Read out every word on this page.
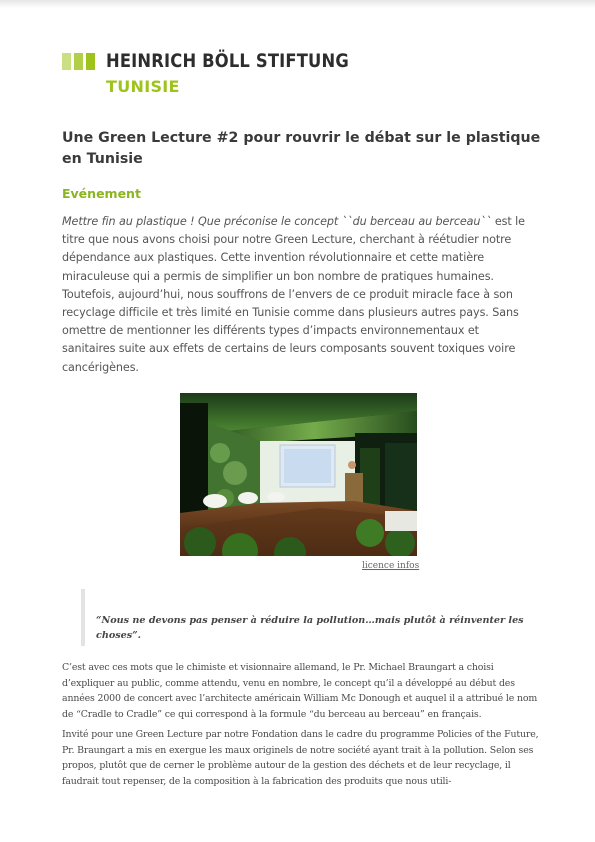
HEINRICH BÖLL STIFTUNG
TUNISIE
Une Green Lecture #2 pour rouvrir le débat sur le plastique en Tunisie
Evénement
Mettre fin au plastique ! Que préconise le concept ``du berceau au berceau`` est le titre que nous avons choisi pour notre Green Lecture, cherchant à réétudier notre dépendance aux plastiques. Cette invention révolutionnaire et cette matière miraculeuse qui a permis de simplifier un bon nombre de pratiques humaines. Toutefois, aujourd’hui, nous souffrons de l’envers de ce produit miracle face à son recyclage difficile et très limité en Tunisie comme dans plusieurs autres pays. Sans omettre de mentionner les différents types d’impacts environnementaux et sanitaires suite aux effets de certains de leurs composants souvent toxiques voire cancérigènes.
licence infos
“Nous ne devons pas penser à réduire la pollution…mais plutôt à réinventer les choses”.
C’est avec ces mots que le chimiste et visionnaire allemand, le Pr. Michael Braungart a choisi d’expliquer au public, comme attendu, venu en nombre, le concept qu’il a développé au début des années 2000 de concert avec l’architecte américain William Mc Donough et auquel il a attribué le nom de “Cradle to Cradle” ce qui correspond à la formule “du berceau au berceau” en français.
Invité pour une Green Lecture par notre Fondation dans le cadre du programme Policies of the Future, Pr. Braungart a mis en exergue les maux originels de notre société ayant trait à la pollution. Selon ses propos, plutôt que de cerner le problème autour de la gestion des déchets et de leur recyclage, il faudrait tout repenser, de la composition à la fabrication des produits que nous utili-
